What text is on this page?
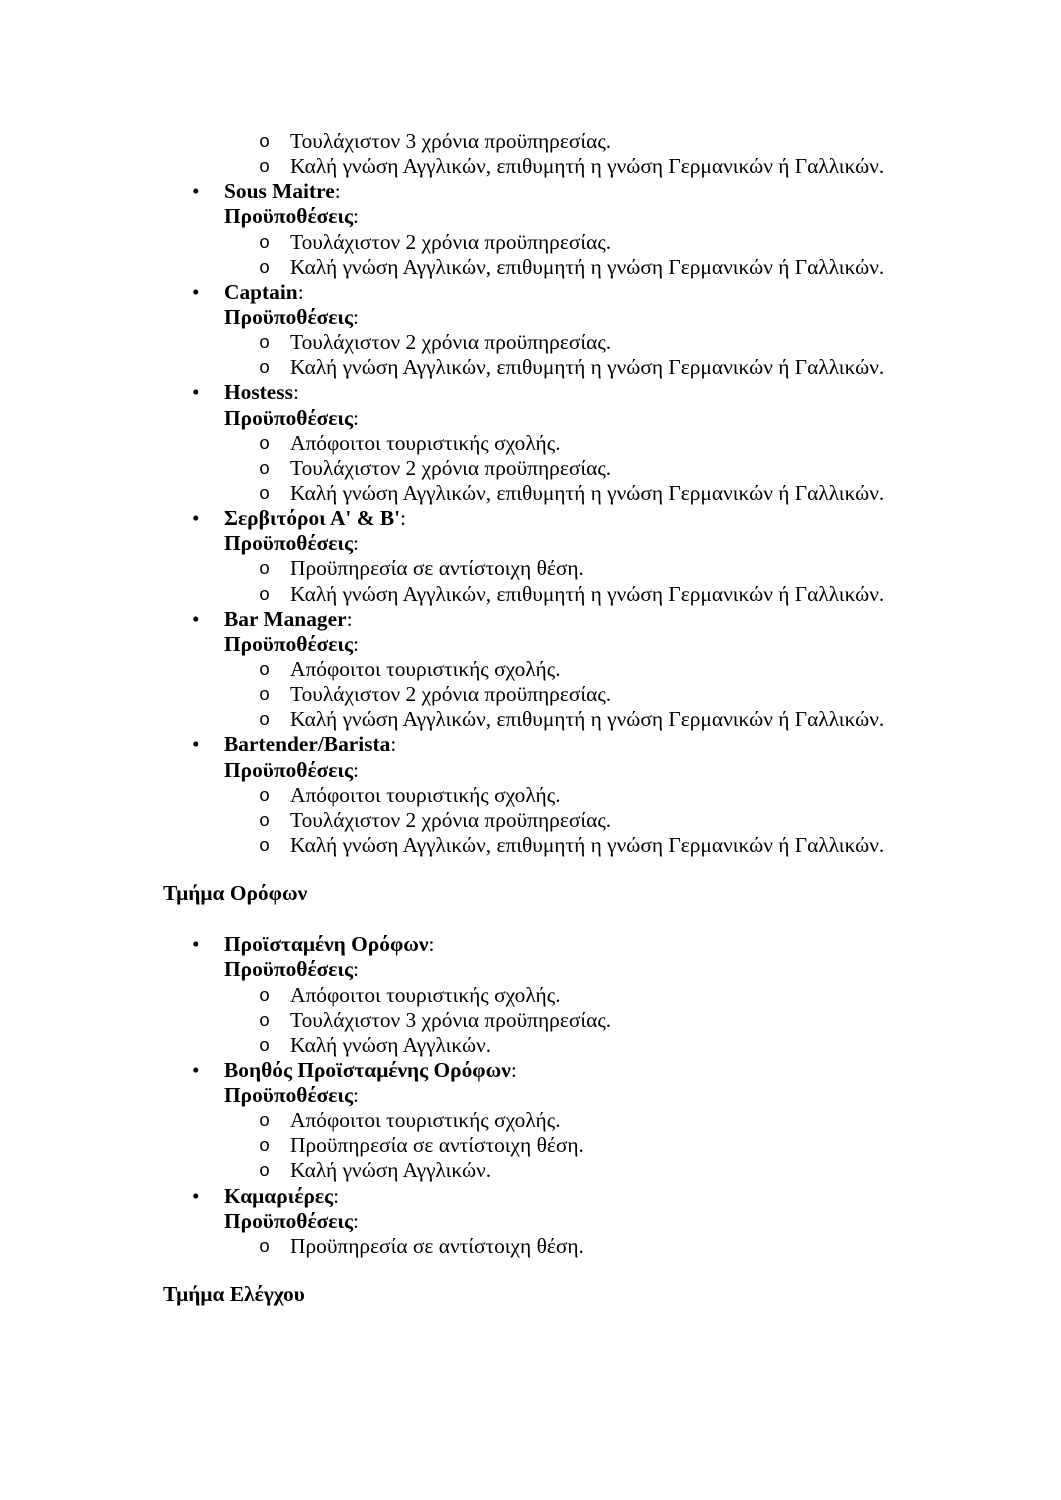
o Τουλάχιστον 3 χρόνια προϋπηρεσίας.
o Καλή γνώση Αγγλικών, επιθυμητή η γνώση Γερμανικών ή Γαλλικών.
• Sous Maitre:
Προϋποθέσεις:
o Τουλάχιστον 2 χρόνια προϋπηρεσίας.
o Καλή γνώση Αγγλικών, επιθυμητή η γνώση Γερμανικών ή Γαλλικών.
• Captain:
Προϋποθέσεις:
o Τουλάχιστον 2 χρόνια προϋπηρεσίας.
o Καλή γνώση Αγγλικών, επιθυμητή η γνώση Γερμανικών ή Γαλλικών.
• Hostess:
Προϋποθέσεις:
o Απόφοιτοι τουριστικής σχολής.
o Τουλάχιστον 2 χρόνια προϋπηρεσίας.
o Καλή γνώση Αγγλικών, επιθυμητή η γνώση Γερμανικών ή Γαλλικών.
• Σερβιτόροι Α' & Β':
Προϋποθέσεις:
o Προϋπηρεσία σε αντίστοιχη θέση.
o Καλή γνώση Αγγλικών, επιθυμητή η γνώση Γερμανικών ή Γαλλικών.
• Bar Manager:
Προϋποθέσεις:
o Απόφοιτοι τουριστικής σχολής.
o Τουλάχιστον 2 χρόνια προϋπηρεσίας.
o Καλή γνώση Αγγλικών, επιθυμητή η γνώση Γερμανικών ή Γαλλικών.
• Bartender/Barista:
Προϋποθέσεις:
o Απόφοιτοι τουριστικής σχολής.
o Τουλάχιστον 2 χρόνια προϋπηρεσίας.
o Καλή γνώση Αγγλικών, επιθυμητή η γνώση Γερμανικών ή Γαλλικών.
Τμήμα Ορόφων
• Προϊσταμένη Ορόφων:
Προϋποθέσεις:
o Απόφοιτοι τουριστικής σχολής.
o Τουλάχιστον 3 χρόνια προϋπηρεσίας.
o Καλή γνώση Αγγλικών.
• Βοηθός Προϊσταμένης Ορόφων:
Προϋποθέσεις:
o Απόφοιτοι τουριστικής σχολής.
o Προϋπηρεσία σε αντίστοιχη θέση.
o Καλή γνώση Αγγλικών.
• Καμαριέρες:
Προϋποθέσεις:
o Προϋπηρεσία σε αντίστοιχη θέση.
Τμήμα Ελέγχου
